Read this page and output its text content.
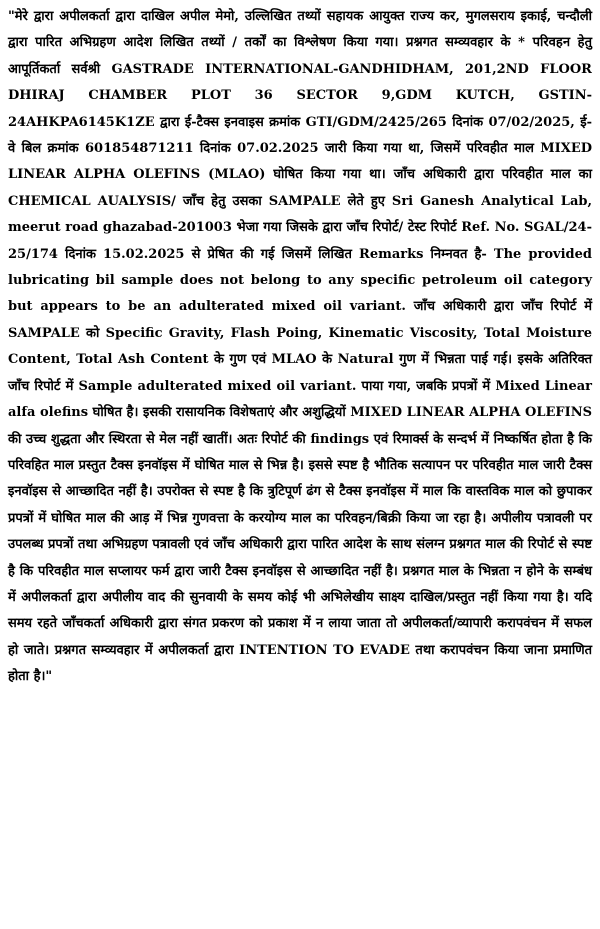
"मेरे द्वारा अपीलकर्ता द्वारा दाखिल अपील मेमो, उल्लिखित तथ्यों सहायक आयुक्त राज्य कर, मुगलसराय इकाई, चन्दौली द्वारा पारित अभिग्रहण आदेश लिखित तथ्यों / तर्कों का विश्लेषण किया गया। प्रश्नगत सम्व्यवहार के * परिवहन हेतु आपूर्तिकर्ता सर्वश्री GASTRADE INTERNATIONAL-GANDHIDHAM, 201,2ND FLOOR DHIRAJ CHAMBER PLOT 36 SECTOR 9,GDM KUTCH, GSTIN-24AHKPA6145K1ZE द्वारा ई-टैक्स इनवाइस क्रमांक GTI/GDM/2425/265 दिनांक 07/02/2025, ई-वे बिल क्रमांक 601854871211 दिनांक 07.02.2025 जारी किया गया था, जिसमें परिवहीत माल MIXED LINEAR ALPHA OLEFINS (MLAO) घोषित किया गया था। जाँच अधिकारी द्वारा परिवहीत माल का CHEMICAL AUALYSIS/ जाँच हेतु उसका SAMPALE लेते हुए Sri Ganesh Analytical Lab, meerut road ghazabad-201003 भेजा गया जिसके द्वारा जाँच रिपोर्ट/ टेस्ट रिपोर्ट Ref. No. SGAL/24-25/174 दिनांक 15.02.2025 से प्रेषित की गई जिसमें लिखित Remarks निम्नवत है- The provided lubricating bil sample does not belong to any specific petroleum oil category but appears to be an adulterated mixed oil variant. जाँच अधिकारी द्वारा जाँच रिपोर्ट में SAMPALE को Specific Gravity, Flash Poing, Kinematic Viscosity, Total Moisture Content, Total Ash Content के गुण एवं MLAO के Natural गुण में भिन्नता पाई गई। इसके अतिरिक्त जाँच रिपोर्ट में Sample adulterated mixed oil variant. पाया गया, जबकि प्रपत्रों में Mixed Linear alfa olefins घोषित है। इसकी रासायनिक विशेषताएं और अशुद्धियों MIXED LINEAR ALPHA OLEFINS की उच्च शुद्धता और स्थिरता से मेल नहीं खातीं। अतः रिपोर्ट की findings एवं रिमार्क्स के सन्दर्भ में निष्कर्षित होता है कि परिवहित माल प्रस्तुत टैक्स इनवॉइस में घोषित माल से भिन्न है। इससे स्पष्ट है भौतिक सत्यापन पर परिवहीत माल जारी टैक्स इनवॉइस से आच्छादित नहीं है। उपरोक्त से स्पष्ट है कि त्रुटिपूर्ण ढंग से टैक्स इनवॉइस में माल कि वास्तविक माल को छुपाकर प्रपत्रों में घोषित माल की आड़ में भिन्न गुणवत्ता के करयोग्य माल का परिवहन/बिक्री किया जा रहा है। अपीलीय पत्रावली पर उपलब्ध प्रपत्रों तथा अभिग्रहण पत्रावली एवं जाँच अधिकारी द्वारा पारित आदेश के साथ संलग्न प्रश्नगत माल की रिपोर्ट से स्पष्ट है कि परिवहीत माल सप्लायर फर्म द्वारा जारी टैक्स इनवॉइस से आच्छादित नहीं है। प्रश्नगत माल के भिन्नता न होने के सम्बंध में अपीलकर्ता द्वारा अपीलीय वाद की सुनवायी के समय कोई भी अभिलेखीय साक्ष्य दाखिल/प्रस्तुत नहीं किया गया है। यदि समय रहते जाँचकर्ता अधिकारी द्वारा संगत प्रकरण को प्रकाश में न लाया जाता तो अपीलकर्ता/व्यापारी करापवंचन में सफल हो जाते। प्रश्नगत सम्व्यवहार में अपीलकर्ता द्वारा INTENTION TO EVADE तथा करापवंचन किया जाना प्रमाणित होता है।"
